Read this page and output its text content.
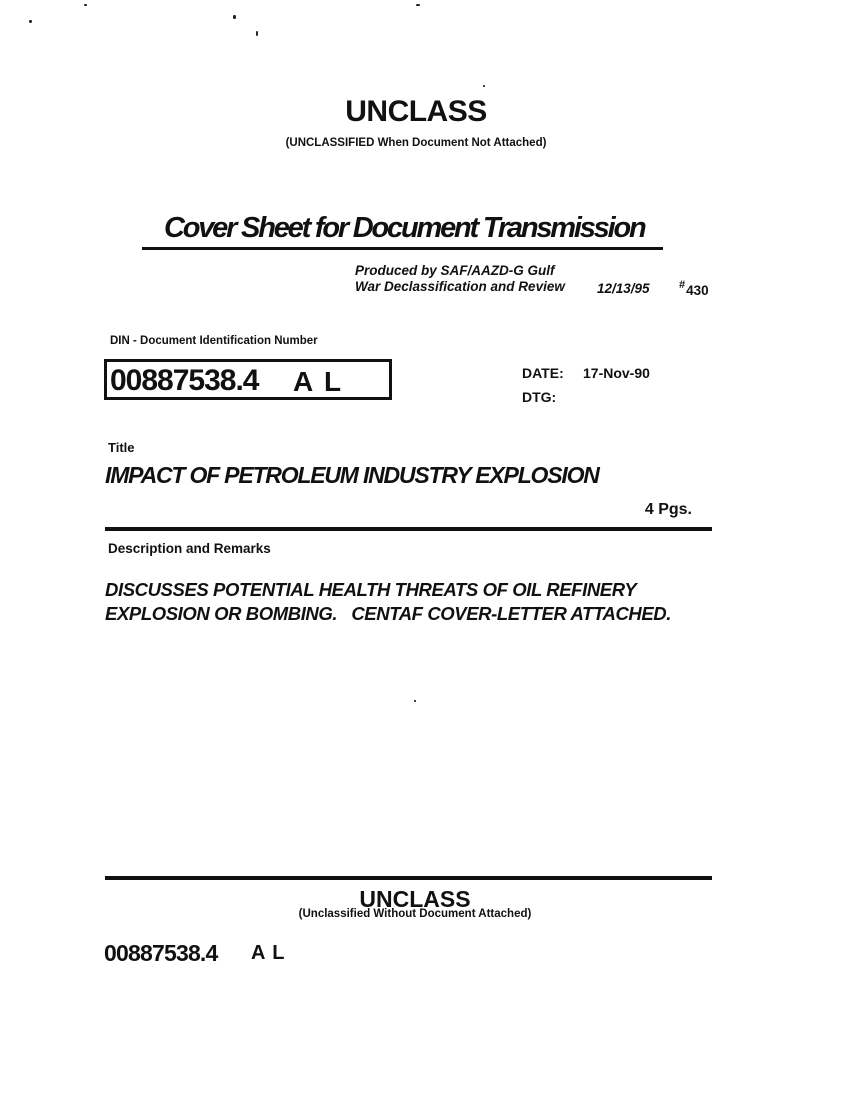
UNCLASS
(UNCLASSIFIED When Document Not Attached)
Cover Sheet for Document Transmission
Produced by SAF/AAZD-G Gulf
War Declassification and Review 12/13/95	#430
DIN - Document Identification Number
00887538.4 A L	DATE: 17-Nov-90
DTG:
Title
IMPACT OF PETROLEUM INDUSTRY EXPLOSION
4 Pgs.
Description and Remarks
DISCUSSES POTENTIAL HEALTH THREATS OF OIL REFINERY
EXPLOSION OR BOMBING.   CENTAF COVER-LETTER ATTACHED.
UNCLASS
(Unclassified Without Document Attached)
00887538.4 A L
